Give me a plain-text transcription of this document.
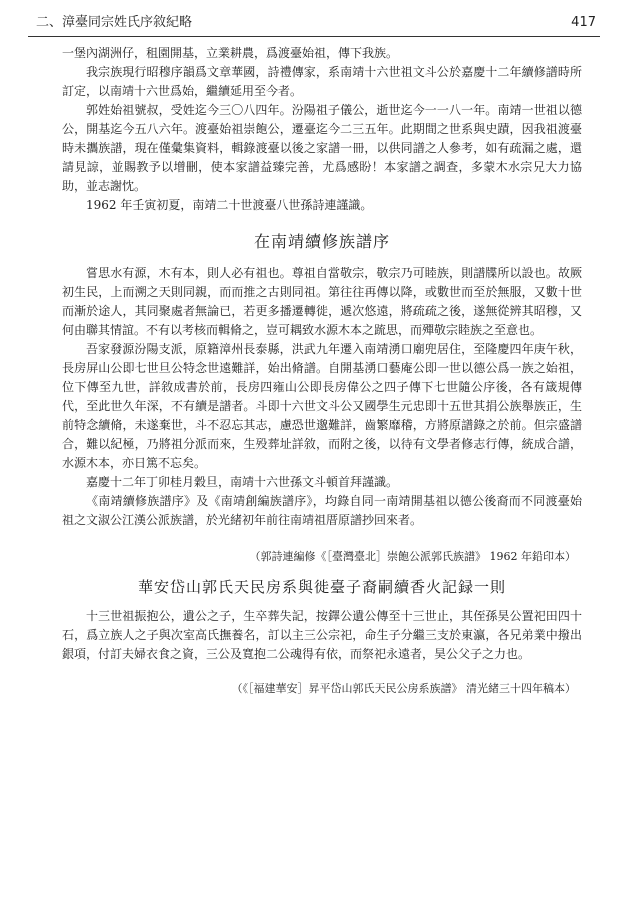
二、漳臺同宗姓氏序敘紀略	417

一堡內湖洲仔，租園開基，立業耕農，爲渡臺始祖，傳下我族。

我宗族現行昭穆序韻爲文章華國，詩禮傳家，系南靖十六世祖文斗公於嘉慶十二年續修譜時所訂定，以南靖十六世爲始，繼續延用至今者。

郭姓始祖號叔，受姓迄今三〇八四年。汾陽祖子儀公，逝世迄今一一八一年。南靖一世祖以德公，開基迄今五八六年。渡臺始祖崇飽公，遷臺迄今二三五年。此期間之世系與史蹟，因我祖渡臺時未攜族譜，現在僅彙集資料，輯錄渡臺以後之家譜一冊，以供同譜之人參考，如有疏漏之處，還請見諒，並賜教予以增刪，使本家譜益臻完善，尤爲感盼！本家譜之調查，多蒙木水宗兄大力協助，並志謝忱。

1962 年壬寅初夏，南靖二十世渡臺八世孫詩連謹識。

在南靖續修族譜序

嘗思水有源，木有本，則人必有祖也。尊祖自當敬宗，敬宗乃可睦族，則譜牒所以設也。故厥初生民，上而溯之天則同親，而而推之古則同祖。第往往再傳以降，或數世而至於無服，又數十世而漸於途人，其同聚處者無論已，若更多播遷轉徙，遞次悠遠，將疏疏之後，遂無從辨其昭穆，又何由聯其情誼。不有以考核而輯脩之，豈可耦致水源木本之䟽思，而殫敬宗睦族之至意也。

吾家發源汾陽支派，原籍漳州長泰縣，洪武九年遷入南靖湧口廟兜居住，至隆慶四年庚午秋，長房屏山公即七世旦公特念世遠難詳，始出脩譜。自開基湧口藝庵公即一世以德公爲一族之始祖，位下傳至九世，詳敘成書於前，長房四雍山公即長房偉公之四子傳下七世隨公序後，各有箴規傳代，至此世久年深，不有續是譜者。斗即十六世文斗公又國學生元忠即十五世其捐公族舉族正，生前特念續脩，未遂棄世，斗不忍忘其志，慮恐世邈難詳，齒繁靡稽，方將原譜錄之於前。但宗盛譜合，難以紀極，乃將祖分派而來，生殁葬址詳敘，而附之後，以待有文學者修志行傳，統成合譜，水源木本，亦日篤不忘矣。

嘉慶十二年丁卯桂月穀旦，南靖十六世孫文斗頓首拜謹識。

《南靖續修族譜序》及《南靖創編族譜序》，均錄自同一南靖開基祖以德公後裔而不同渡臺始祖之文淑公江漢公派族譜，於光緒初年前往南靖祖厝原譜抄回來者。

（郭詩連編修《［臺灣臺北］崇飽公派郭氏族譜》 1962 年鉛印本）
華安岱山郭氏天民房系與徙臺子裔嗣續香火記録一則

十三世祖振抱公，遺公之子，生卒葬失記，按鐸公遺公傳至十三世止，其侄孫昊公置祀田四十石，爲立族人之子與次室高氏撫養名，訂以主三公宗祀，命生子分繼三支於東瀛，各兄弟業中撥出銀項，付訂夫婦衣食之資，三公及寬抱二公魂得有依，而祭祀永遠者，昊公父子之力也。

（《［福建華安］昇平岱山郭氏天民公房系族譜》 清光緒三十四年稿本）
